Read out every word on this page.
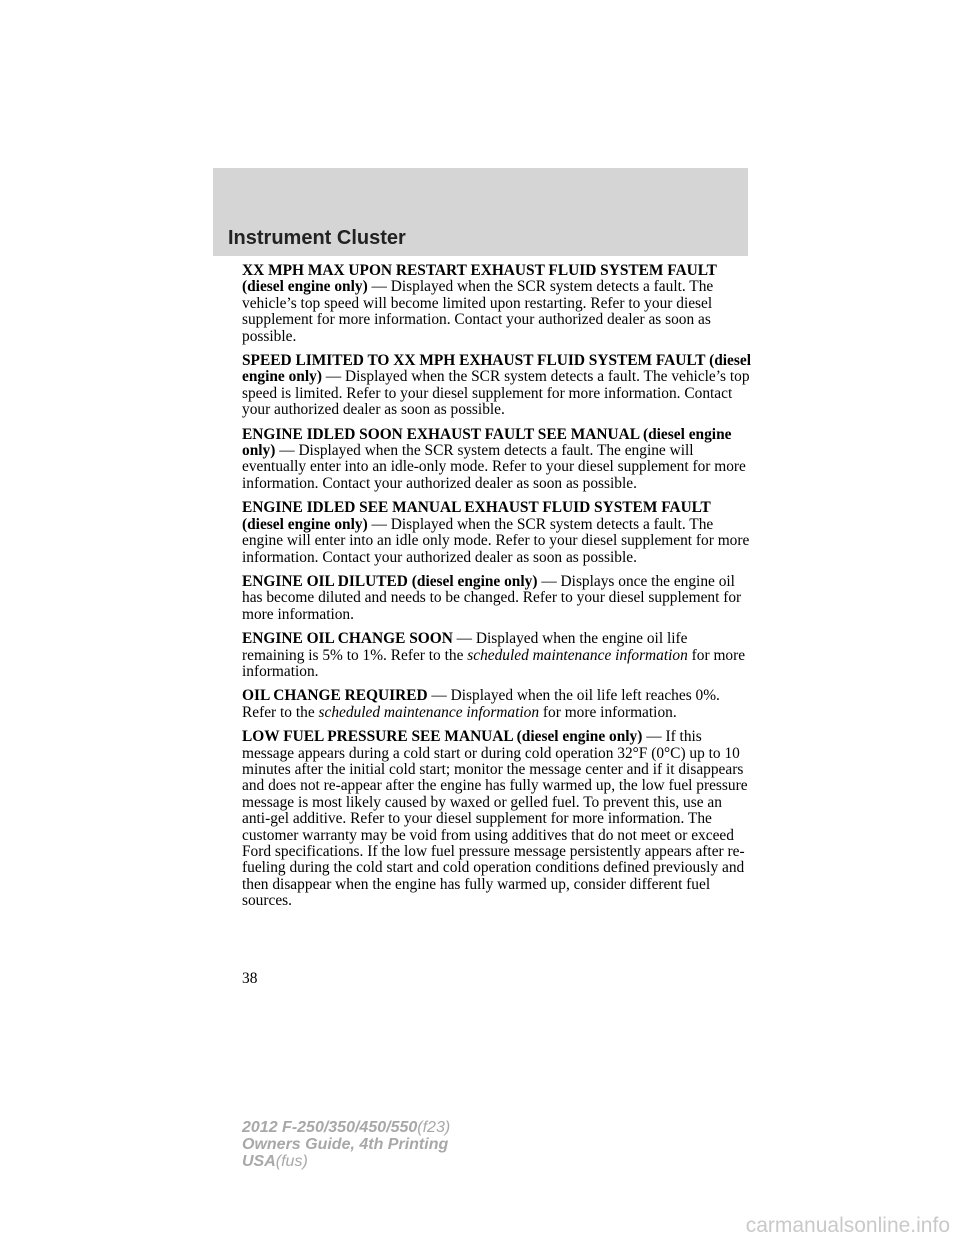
Instrument Cluster

XX MPH MAX UPON RESTART EXHAUST FLUID SYSTEM FAULT (diesel engine only) — Displayed when the SCR system detects a fault. The vehicle’s top speed will become limited upon restarting. Refer to your diesel supplement for more information. Contact your authorized dealer as soon as possible.

SPEED LIMITED TO XX MPH EXHAUST FLUID SYSTEM FAULT (diesel engine only) — Displayed when the SCR system detects a fault. The vehicle’s top speed is limited. Refer to your diesel supplement for more information. Contact your authorized dealer as soon as possible.

ENGINE IDLED SOON EXHAUST FAULT SEE MANUAL (diesel engine only) — Displayed when the SCR system detects a fault. The engine will eventually enter into an idle-only mode. Refer to your diesel supplement for more information. Contact your authorized dealer as soon as possible.

ENGINE IDLED SEE MANUAL EXHAUST FLUID SYSTEM FAULT (diesel engine only) — Displayed when the SCR system detects a fault. The engine will enter into an idle only mode. Refer to your diesel supplement for more information. Contact your authorized dealer as soon as possible.

ENGINE OIL DILUTED (diesel engine only) — Displays once the engine oil has become diluted and needs to be changed. Refer to your diesel supplement for more information.

ENGINE OIL CHANGE SOON — Displayed when the engine oil life remaining is 5% to 1%. Refer to the scheduled maintenance information for more information.

OIL CHANGE REQUIRED — Displayed when the oil life left reaches 0%. Refer to the scheduled maintenance information for more information.

LOW FUEL PRESSURE SEE MANUAL (diesel engine only) — If this message appears during a cold start or during cold operation 32°F (0°C) up to 10 minutes after the initial cold start; monitor the message center and if it disappears and does not re-appear after the engine has fully warmed up, the low fuel pressure message is most likely caused by waxed or gelled fuel. To prevent this, use an anti-gel additive. Refer to your diesel supplement for more information. The customer warranty may be void from using additives that do not meet or exceed Ford specifications. If the low fuel pressure message persistently appears after re-fueling during the cold start and cold operation conditions defined previously and then disappear when the engine has fully warmed up, consider different fuel sources.

38
2012 F-250/350/450/550(f23)
Owners Guide, 4th Printing
USA(fus)
carmanualsonline.info
